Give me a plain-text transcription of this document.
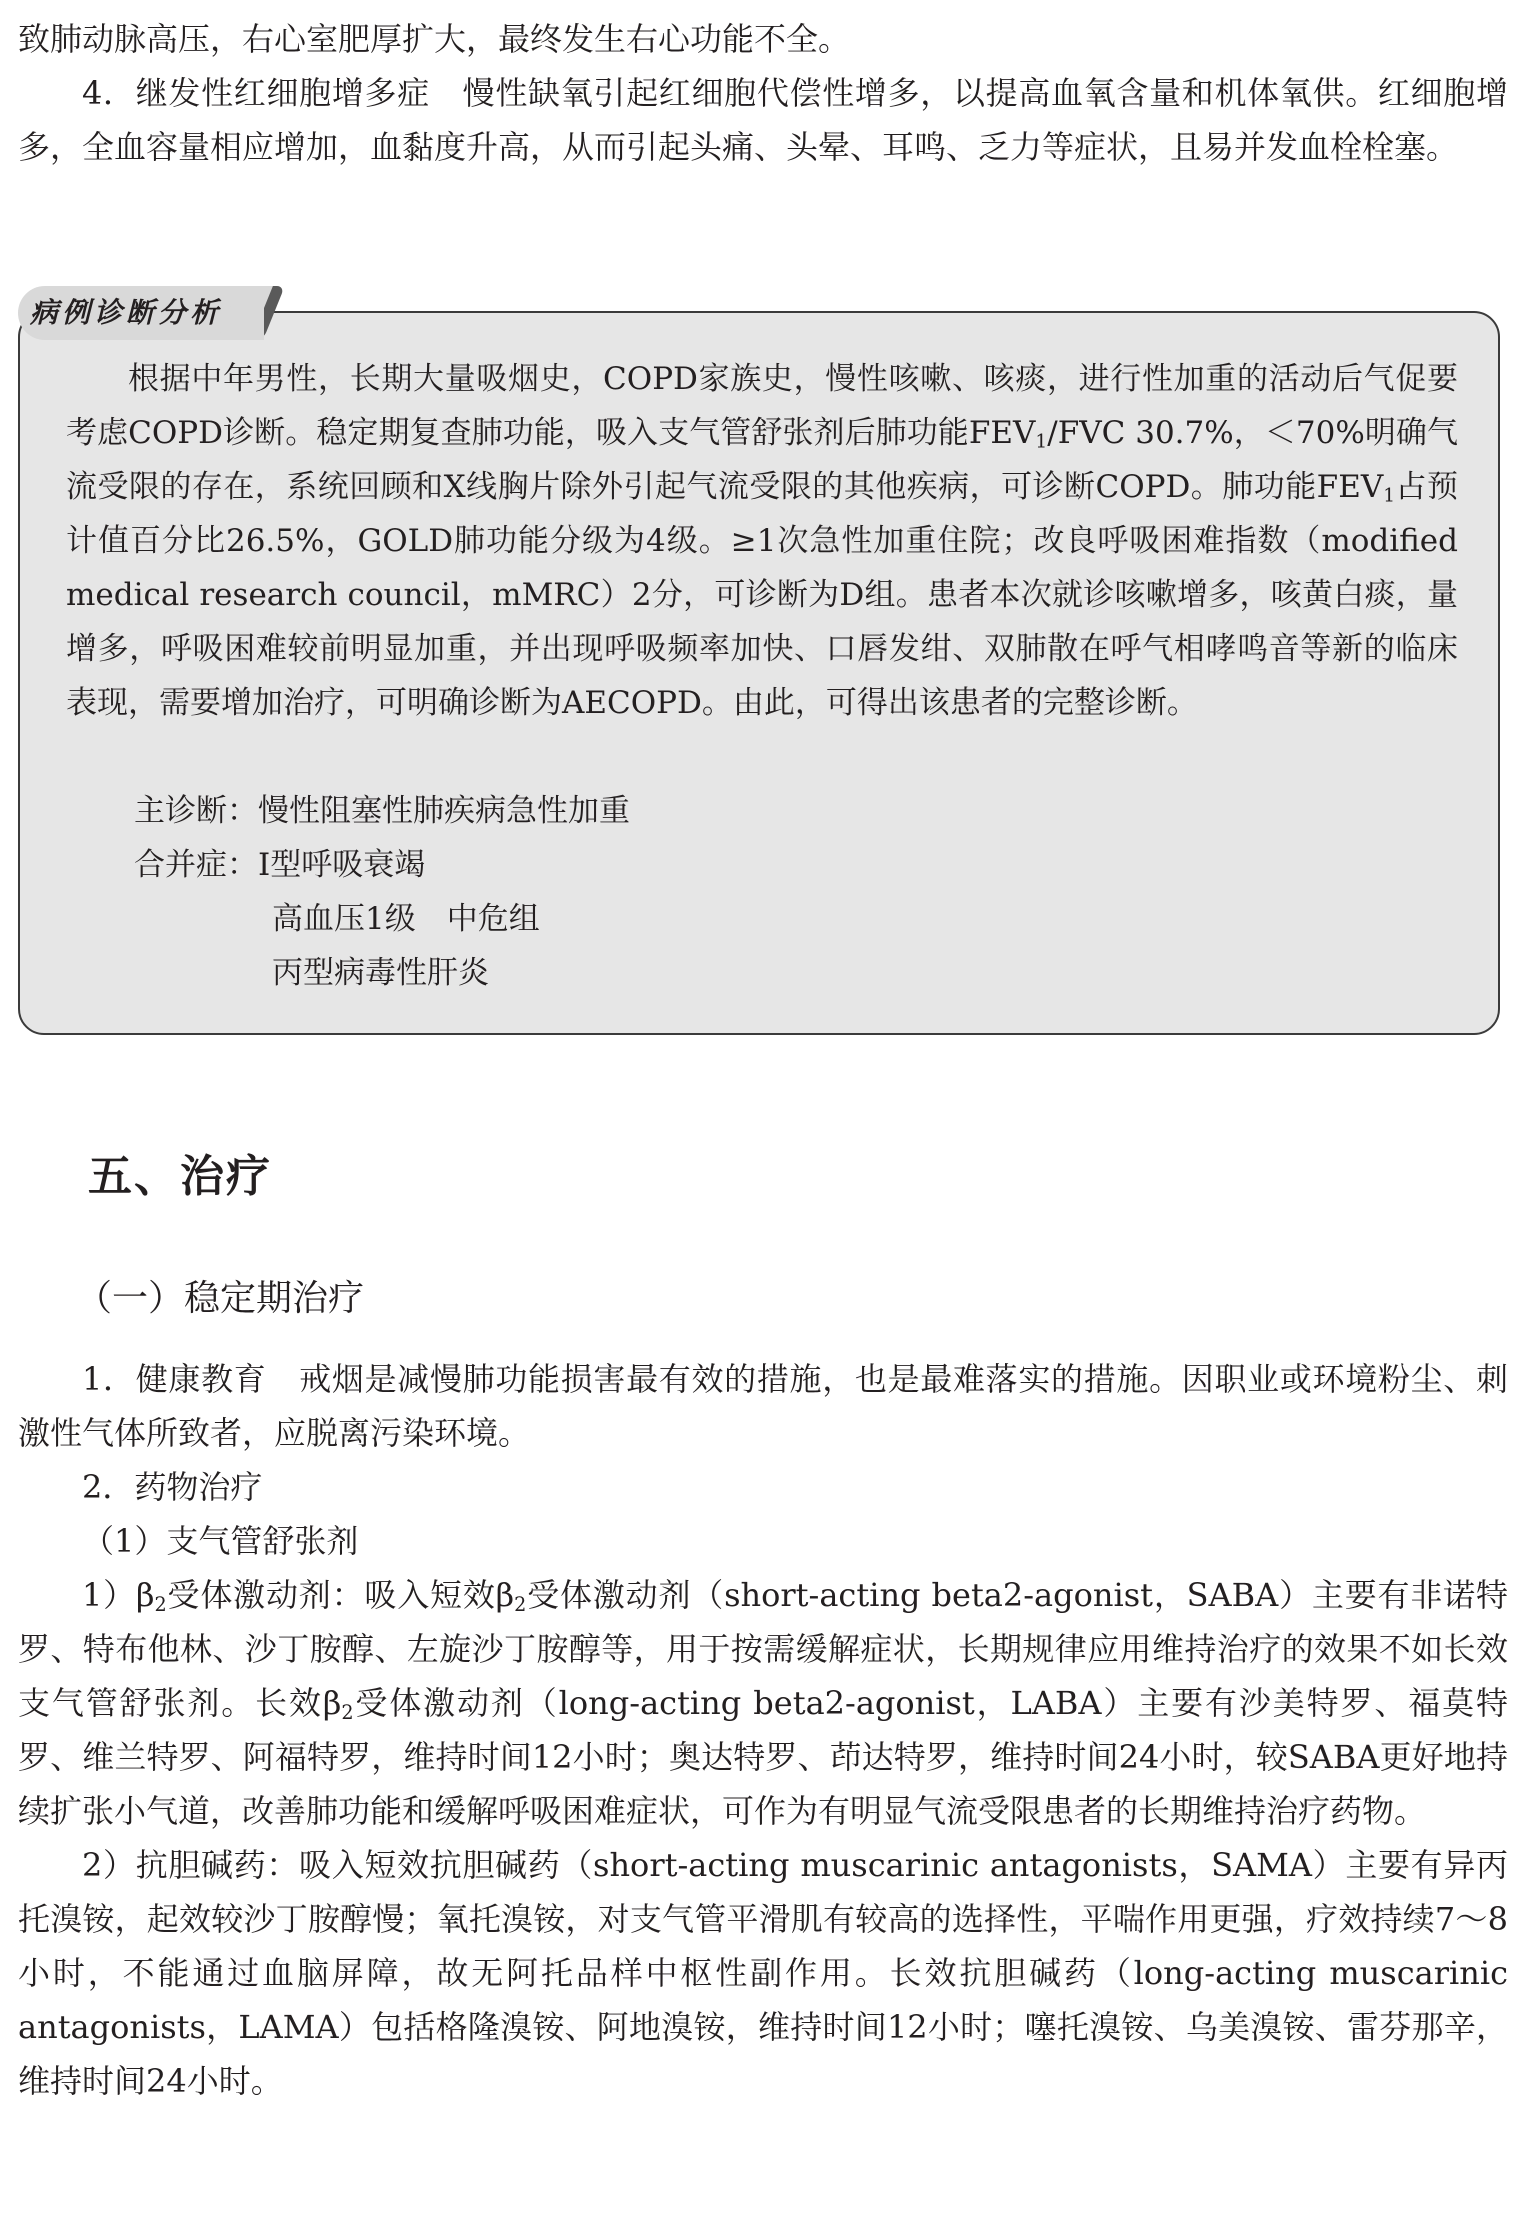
致肺动脉高压，右心室肥厚扩大，最终发生右心功能不全。
4．继发性红细胞增多症　 慢性缺氧引起红细胞代偿性增多，以提高血氧含量和机体氧供。红细胞增多，全血容量相应增加，血黏度升高，从而引起头痛、头晕、耳鸣、乏力等症状，且易并发血栓栓塞。
病例诊断分析

根据中年男性，长期大量吸烟史，COPD家族史，慢性咳嗽、咳痰，进行性加重的活动后气促要考虑COPD诊断。稳定期复查肺功能，吸入支气管舒张剂后肺功能$FEV_1$/FVC 30.7%，＜70%明确气流受限的存在，系统回顾和X线胸片除外引起气流受限的其他疾病，可诊断COPD。肺功能$FEV_1$占预计值百分比26.5%，GOLD肺功能分级为4级。≥1次急性加重住院；改良呼吸困难指数（modified medical research council，mMRC）2分，可诊断为D组。患者本次就诊咳嗽增多，咳黄白痰，量增多，呼吸困难较前明显加重，并出现呼吸频率加快、口唇发绀、双肺散在呼气相哮鸣音等新的临床表现，需要增加治疗，可明确诊断为AECOPD。由此，可得出该患者的完整诊断。

主诊断：慢性阻塞性肺疾病急性加重

合并症：Ⅰ型呼吸衰竭

高血压1级　中危组

丙型病毒性肝炎

五、治疗
（一）稳定期治疗
1．健康教育　 戒烟是减慢肺功能损害最有效的措施，也是最难落实的措施。因职业或环境粉尘、刺激性气体所致者，应脱离污染环境。
2．药物治疗
（1）支气管舒张剂
$1)\beta_2$受体激动剂：吸入短效$\beta_2$受体激动剂（short-acting beta2-agonist，SABA）主要有非诺特罗、特布他林、沙丁胺醇、左旋沙丁胺醇等，用于按需缓解症状，长期规律应用维持治疗的效果不如长效支气管舒张剂。长效$\beta_2$受体激动剂（long-acting beta2-agonist，LABA）主要有沙美特罗、福莫特罗、维兰特罗、阿福特罗，维持时间12小时；奥达特罗、茚达特罗，维持时间24小时，较SABA更好地持续扩张小气道，改善肺功能和缓解呼吸困难症状，可作为有明显气流受限患者的长期维持治疗药物。
2）抗胆碱药：吸入短效抗胆碱药（short-acting muscarinic antagonists，SAMA）主要有异丙托溴铵，起效较沙丁胺醇慢；氧托溴铵，对支气管平滑肌有较高的选择性，平喘作用更强，疗效持续7～8小时，不能通过血脑屏障，故无阿托品样中枢性副作用。长效抗胆碱药（long-acting muscarinic antagonists，LAMA）包括格隆溴铵、阿地溴铵，维持时间12小时；噻托溴铵、乌美溴铵、雷芬那辛，维持时间24小时。
